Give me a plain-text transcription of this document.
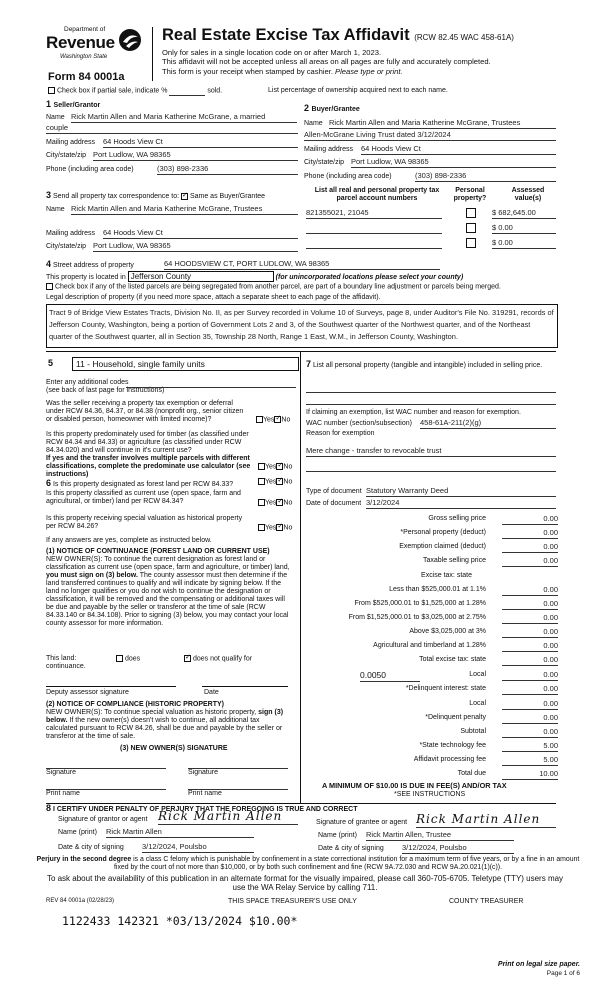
Department of
Revenue
Washington State
Form 84 0001a
Real Estate Excise Tax Affidavit (RCW 82.45 WAC 458-61A)
Only for sales in a single location code on or after March 1, 2023.
This affidavit will not be accepted unless all areas on all pages are fully and accurately completed.
This form is your receipt when stamped by cashier. Please type or print.
Check box if partial sale, indicate %	sold.	List percentage of ownership acquired next to each name.
1 Seller/Grantor
Name Rick Martin Allen and Maria Katherine McGrane, a married
couple
Mailing address 64 Hoods View Ct
City/state/zip Port Ludlow, WA 98365
Phone (including area code)	(303) 898-2336
2 Buyer/Grantee
Name Rick Martin Allen and Maria Katherine McGrane, Trustees
Allen-McGrane Living Trust dated 3/12/2024
Mailing address 64 Hoods View Ct
City/state/zip Port Ludlow, WA 98365
Phone (including area code)	(303) 898-2336
3 Send all property tax correspondence to: ✓ Same as Buyer/Grantee
Name Rick Martin Allen and Maria Katherine McGrane, Trustees
Mailing address 64 Hoods View Ct
City/state/zip Port Ludlow, WA 98365
List all real and personal property tax
parcel account numbers
Personal
property?
Assessed
value(s)
821355021, 21045	$ 682,645.00
$ 0.00
$ 0.00
4 Street address of property	64 HOODSVIEW CT, PORT LUDLOW, WA 98365
This property is located in Jefferson County	(for unincorporated locations please select your county)
Check box if any of the listed parcels are being segregated from another parcel, are part of a boundary line adjustment or parcels being merged.
Legal description of property (if you need more space, attach a separate sheet to each page of the affidavit).
Tract 9 of Bridge View Estates Tracts, Division No. II, as per Survey recorded in Volume 10 of Surveys, page 8, under Auditor's File No. 319291, records of Jefferson County, Washington, being a portion of Government Lots 2 and 3, of the Southwest quarter of the Northwest quarter, and of the Northeast quarter of the Southwest quarter, all in Section 35, Township 28 North, Range 1 East, W.M., in Jefferson County, Washington.
5	11 - Household, single family units
Enter any additional codes
(see back of last page for instructions)
Was the seller receiving a property tax exemption or deferral under RCW 84.36, 84.37, or 84.38 (nonprofit org., senior citizen or disabled person, homeowner with limited income)?	Yes ✓ No
Is this property predominately used for timber (as classified under RCW 84.34 and 84.33) or agriculture (as classified under RCW 84.34.020) and will continue in it's current use?
If yes and the transfer involves multiple parcels with different classifications, complete the predominate use calculator (see instructions)
Yes ✓ No
6 Is this property designated as forest land per RCW 84.33?	Yes ✓ No
Is this property classified as current use (open space, farm and agricultural, or timber) land per RCW 84.34?	Yes ✓ No
Is this property receiving special valuation as historical property per RCW 84.26?	Yes ✓ No
If any answers are yes, complete as instructed below.
(1) NOTICE OF CONTINUANCE (FOREST LAND OR CURRENT USE)
NEW OWNER(S): To continue the current designation as forest land or classification as current use (open space, farm and agriculture, or timber) land, you must sign on (3) below. The county assessor must then determine if the land transferred continues to qualify and will indicate by signing below. If the land no longer qualifies or you do not wish to continue the designation or classification, it will be removed and the compensating or additional taxes will be due and payable by the seller or transferor at the time of sale (RCW 84.33.140 or 84.34.108). Prior to signing (3) below, you may contact your local county assessor for more information.
This land:	does ✓	does not qualify for
continuance.
Deputy assessor signature	Date
(2) NOTICE OF COMPLIANCE (HISTORIC PROPERTY)
NEW OWNER(S): To continue special valuation as historic property, sign (3) below. If the new owner(s) doesn't wish to continue, all additional tax calculated pursuant to RCW 84.26, shall be due and payable by the seller or transferor at the time of sale.
(3) NEW OWNER(S) SIGNATURE
Signature	Signature
Print name	Print name
7 List all personal property (tangible and intangible) included in selling price.
If claiming an exemption, list WAC number and reason for exemption.
WAC number (section/subsection) 458-61A-211(2)(g)
Reason for exemption
Mere change - transfer to revocable trust
Type of document Statutory Warranty Deed
Date of document 3/12/2024
Gross selling price	0.00
*Personal property (deduct)	0.00
Exemption claimed (deduct)	0.00
Taxable selling price	0.00
Excise tax: state
Less than $525,000.01 at 1.1%	0.00
From $525,000.01 to $1,525,000 at 1.28%	0.00
From $1,525,000.01 to $3,025,000 at 2.75%	0.00
Above $3,025,000 at 3%	0.00
Agricultural and timberland at 1.28%	0.00
Total excise tax: state	0.00
0.0050	Local	0.00
*Delinquent interest: state	0.00
Local	0.00
*Delinquent penalty	0.00
Subtotal	0.00
*State technology fee	5.00
Affidavit processing fee	5.00
Total due	10.00
A MINIMUM OF $10.00 IS DUE IN FEE(S) AND/OR TAX
*SEE INSTRUCTIONS
8 I CERTIFY UNDER PENALTY OF PERJURY THAT THE FOREGOING IS TRUE AND CORRECT
Signature of grantor or agent Rick Martin Allen	Signature of grantee or agent Rick Martin Allen
Name (print) Rick Martin Allen	Name (print) Rick Martin Allen, Trustee
Date & city of signing 3/12/2024, Poulsbo	Date & city of signing 3/12/2024, Poulsbo
Perjury in the second degree is a class C felony which is punishable by confinement in a state correctional institution for a maximum term of five years, or by a fine in an amount fixed by the court of not more than $10,000, or by both such confinement and fine (RCW 9A.72.030 and RCW 9A.20.021(1)(c)).
To ask about the availability of this publication in an alternate format for the visually impaired, please call 360-705-6705. Teletype (TTY) users may use the WA Relay Service by calling 711.
REV 84 0001a (02/28/23)	THIS SPACE TREASURER'S USE ONLY	COUNTY TREASURER
1122433 142321 *03/13/2024 $10.00*
Print on legal size paper.
Page 1 of 6
